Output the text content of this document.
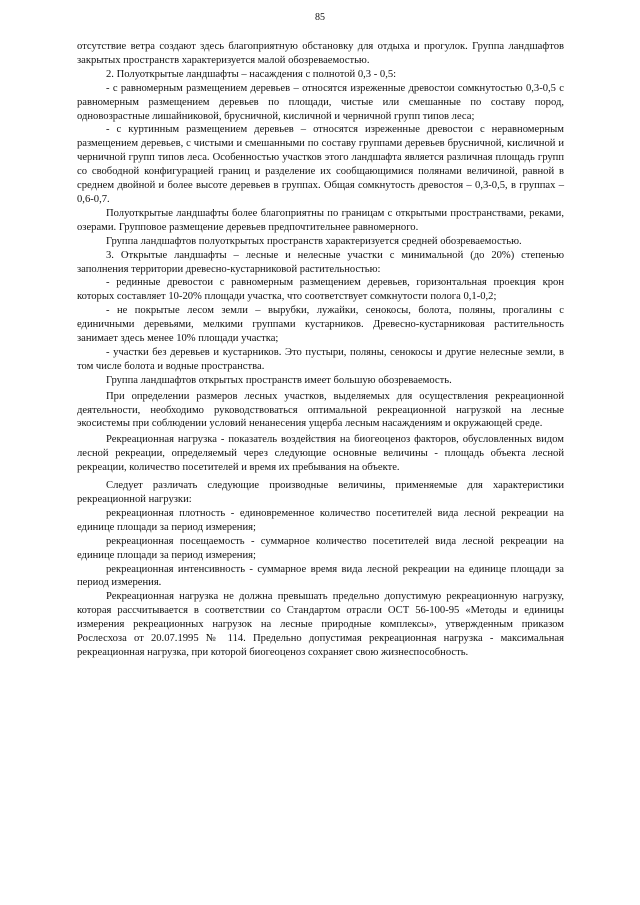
85

отсутствие ветра создают здесь благоприятную обстановку для отдыха и прогулок. Группа ландшафтов закрытых пространств характеризуется малой обозреваемостью.

2. Полуоткрытые ландшафты – насаждения с полнотой 0,3 - 0,5:

- с равномерным размещением деревьев – относятся изреженные древостои сомкнутостью 0,3-0,5 с равномерным размещением деревьев по площади, чистые или смешанные по составу пород, одновозрастные лишайниковой, брусничной, кисличной и черничной групп типов леса;

- с куртинным размещением деревьев – относятся изреженные древостои с неравномерным размещением деревьев, с чистыми и смешанными по составу группами деревьев брусничной, кисличной и черничной групп типов леса. Особенностью участков этого ландшафта является различная площадь групп со свободной конфигурацией границ и разделение их сообщающимися полянами величиной, равной в среднем двойной и более высоте деревьев в группах. Общая сомкнутость древостоя – 0,3-0,5, в группах – 0,6-0,7.

Полуоткрытые ландшафты более благоприятны по границам с открытыми пространствами, реками, озерами. Групповое размещение деревьев предпочтительнее равномерного.

Группа ландшафтов полуоткрытых пространств характеризуется средней обозреваемостью.

3. Открытые ландшафты – лесные и нелесные участки с минимальной (до 20%) степенью заполнения территории древесно-кустарниковой растительностью:

- рединные древостои с равномерным размещением деревьев, горизонтальная проекция крон которых составляет 10-20% площади участка, что соответствует сомкнутости полога 0,1-0,2;

- не покрытые лесом земли – вырубки, лужайки, сенокосы, болота, поляны, прогалины с единичными деревьями, мелкими группами кустарников. Древесно-кустарниковая растительность занимает здесь менее 10% площади участка;

- участки без деревьев и кустарников. Это пустыри, поляны, сенокосы и другие нелесные земли, в том числе болота и водные пространства.

Группа ландшафтов открытых пространств имеет большую обозреваемость.

При определении размеров лесных участков, выделяемых для осуществления рекреационной деятельности, необходимо руководствоваться оптимальной рекреационной нагрузкой на лесные экосистемы при соблюдении условий ненанесения ущерба лесным насаждениям и окружающей среде.

Рекреационная нагрузка - показатель воздействия на биогеоценоз факторов, обусловленных видом лесной рекреации, определяемый через следующие основные величины - площадь объекта лесной рекреации, количество посетителей и время их пребывания на объекте.

Следует различать следующие производные величины, применяемые для характеристики рекреационной нагрузки:

рекреационная плотность - единовременное количество посетителей вида лесной рекреации на единице площади за период измерения;

рекреационная посещаемость - суммарное количество посетителей вида лесной рекреации на единице площади за период измерения;

рекреационная интенсивность - суммарное время вида лесной рекреации на единице площади за период измерения.

Рекреационная нагрузка не должна превышать предельно допустимую рекреационную нагрузку, которая рассчитывается в соответствии со Стандартом отрасли ОСТ 56-100-95 «Методы и единицы измерения рекреационных нагрузок на лесные природные комплексы», утвержденным приказом Рослесхоза от 20.07.1995 № 114. Предельно допустимая рекреационная нагрузка - максимальная рекреационная нагрузка, при которой биогеоценоз сохраняет свою жизнеспособность.
